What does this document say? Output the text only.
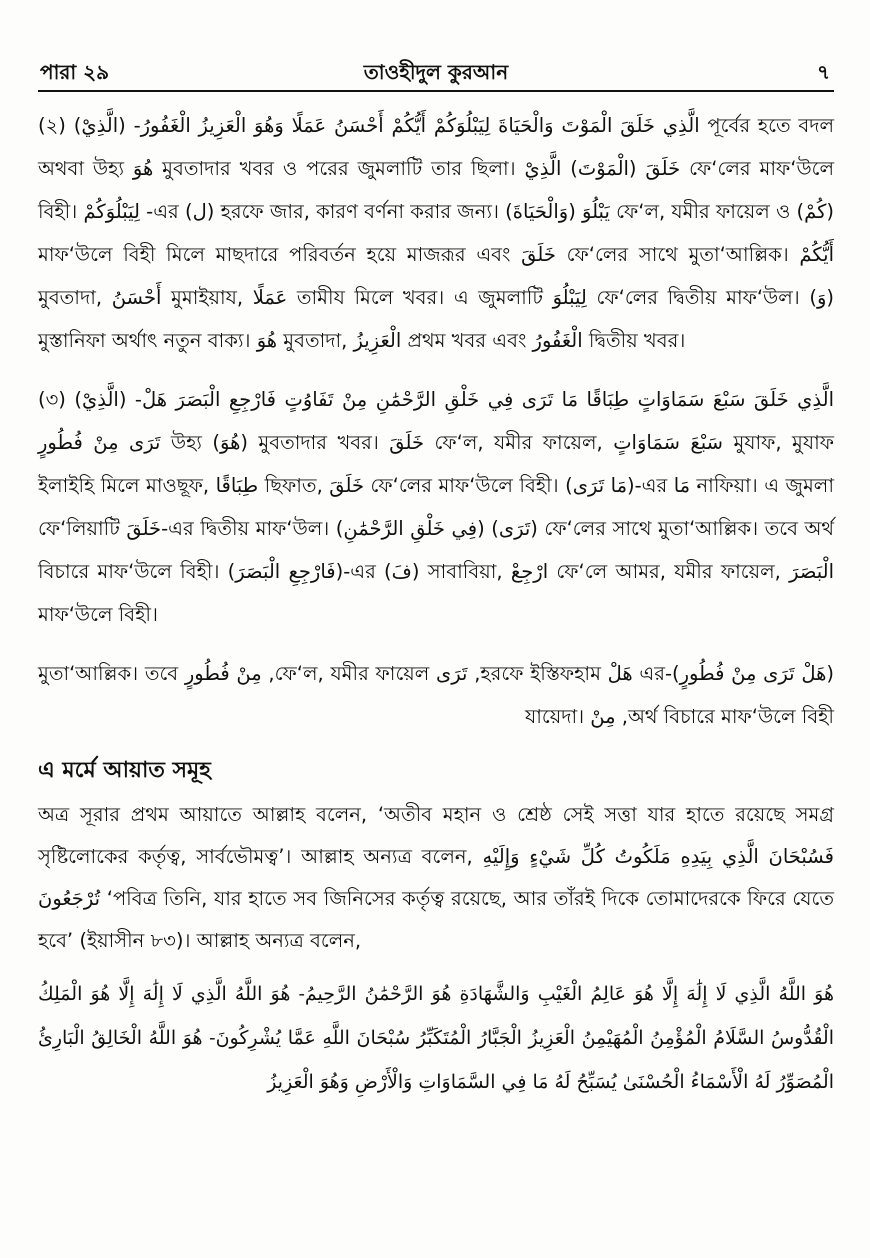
পারা ২৯	তাওহীদুল কুরআন	৭

(২) (الَّذِيْ) -الَّذِي خَلَقَ الْمَوْتَ وَالْحَيَاةَ لِيَبْلُوَكُمْ أَيُّكُمْ أَحْسَنُ عَمَلًا وَهُوَ الْعَزِيزُ الْغَفُورُ পূর্বের হতে বদল অথবা উহ্য هُوَ মুবতাদার খবর ও পরের জুমলাটি তার ছিলা। خَلَقَ (الْمَوْتَ) الَّذِيْ ফে‘লের মাফ‘উলে বিহী। لِيَبْلُوَكُمْ -এর (ل) হরফে জার, কারণ বর্ণনা করার জন্য। (وَالْحَيَاةَ) يَبْلُوَ ফে‘ল, যমীর ফায়েল ও (كُمْ) মাফ‘উলে বিহী মিলে মাছদারে পরিবর্তন হয়ে মাজরূর এবং خَلَقَ ফে‘লের সাথে মুতা‘আল্লিক। أَيُّكُمْ মুবতাদা, أَحْسَنُ মুমাইয়ায, عَمَلًا তামীয মিলে খবর। এ জুমলাটি لِيَبْلُوَ ফে‘লের দ্বিতীয় মাফ‘উল। (وَ) মুস্তানিফা অর্থাৎ নতুন বাক্য। هُوَ মুবতাদা, الْعَزِيزُ প্রথম খবর এবং الْغَفُورُ দ্বিতীয় খবর।

(৩) (الَّذِيْ) -الَّذِي خَلَقَ سَبْعَ سَمَاوَاتٍ طِبَاقًا مَا تَرَى فِي خَلْقِ الرَّحْمَٰنِ مِنْ تَفَاوُتٍ فَارْجِعِ الْبَصَرَ هَلْ تَرَى مِنْ فُطُورٍ উহ্য (هُوَ) মুবতাদার খবর। خَلَقَ ফে‘ল, যমীর ফায়েল, سَبْعَ سَمَاوَاتٍ মুযাফ, মুযাফ ইলাইহি মিলে মাওছূফ, طِبَاقًا ছিফাত, خَلَقَ ফে‘লের মাফ‘উলে বিহী। (مَا تَرَى)-এর مَا নাফিয়া। এ জুমলা ফে‘লিয়াটি خَلَقَ-এর দ্বিতীয় মাফ‘উল। (فِي خَلْقِ الرَّحْمَٰنِ) (تَرَى) ফে‘লের সাথে মুতা‘আল্লিক। তবে অর্থ বিচারে মাফ‘উলে বিহী। (فَارْجِعِ الْبَصَرَ)-এর (فَ) সাবাবিয়া, ارْجِعْ ফে‘লে আমর, যমীর ফায়েল, الْبَصَرَ মাফ‘উলে বিহী।

(هَلْ تَرَى مِنْ فُطُورٍ)-এর هَلْ হরফে ইস্তিফহাম, تَرَى ফে‘ল, যমীর ফায়েল, مِنْ فُطُورٍ মুতা‘আল্লিক। তবে অর্থ বিচারে মাফ‘উলে বিহী, مِنْ যায়েদা।

এ মর্মে আয়াত সমূহ

অত্র সূরার প্রথম আয়াতে আল্লাহ বলেন, ‘অতীব মহান ও শ্রেষ্ঠ সেই সত্তা যার হাতে রয়েছে সমগ্র সৃষ্টিলোকের কর্তৃত্ব, সার্বভৌমত্ব’। আল্লাহ অন্যত্র বলেন, فَسُبْحَانَ الَّذِي بِيَدِهِ مَلَكُوتُ كُلِّ شَيْءٍ وَإِلَيْهِ تُرْجَعُونَ ‘পবিত্র তিনি, যার হাতে সব জিনিসের কর্তৃত্ব রয়েছে, আর তাঁরই দিকে তোমাদেরকে ফিরে যেতে হবে’ (ইয়াসীন ৮৩)। আল্লাহ অন্যত্র বলেন,

هُوَ اللَّهُ الَّذِي لَا إِلَٰهَ إِلَّا هُوَ عَالِمُ الْغَيْبِ وَالشَّهَادَةِ هُوَ الرَّحْمَٰنُ الرَّحِيمُ- هُوَ اللَّهُ الَّذِي لَا إِلَٰهَ إِلَّا هُوَ الْمَلِكُ الْقُدُّوسُ السَّلَامُ الْمُؤْمِنُ الْمُهَيْمِنُ الْعَزِيزُ الْجَبَّارُ الْمُتَكَبِّرُ سُبْحَانَ اللَّهِ عَمَّا يُشْرِكُونَ- هُوَ اللَّهُ الْخَالِقُ الْبَارِئُ الْمُصَوِّرُ لَهُ الْأَسْمَاءُ الْحُسْنَىٰ يُسَبِّحُ لَهُ مَا فِي السَّمَاوَاتِ وَالْأَرْضِ وَهُوَ الْعَزِيزُ
